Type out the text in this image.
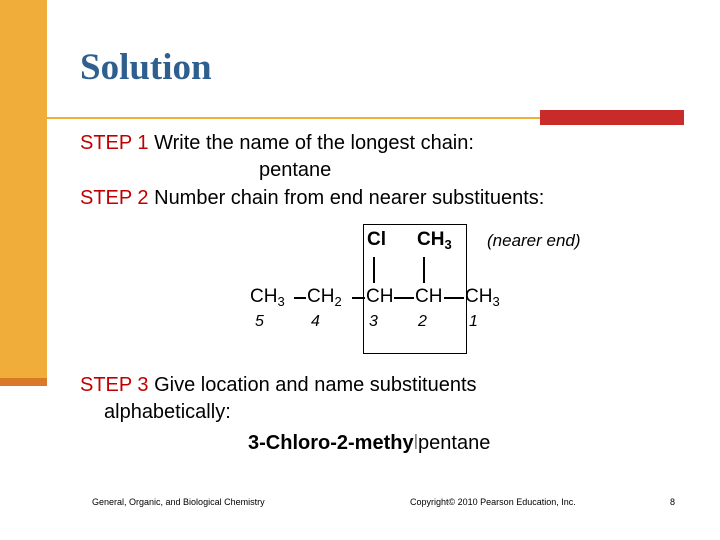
Solution
STEP 1 Write the name of the longest chain:
pentane
STEP 2 Number chain from end nearer substituents:
Cl $CH_3$ (nearer end)
$CH_3$ $CH_2$ CH CH $CH_3$
5	4	3	2	1
STEP 3 Give location and name substituents
alphabetically:
3-Chloro-2-methylpentane
General, Organic, and Biological Chemistry	Copyright© 2010 Pearson Education, Inc.	8
